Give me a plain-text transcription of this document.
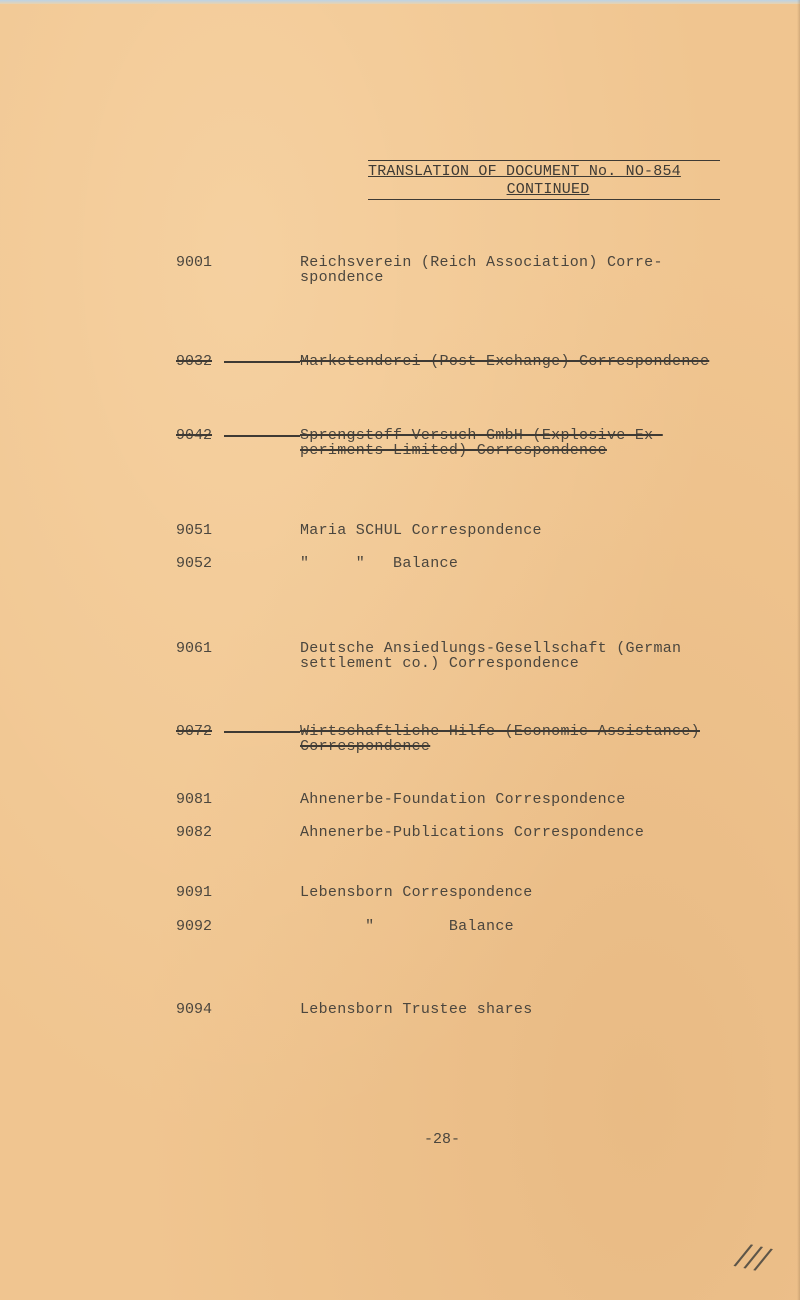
TRANSLATION OF DOCUMENT No. NO-854
CONTINUED
9001	Reichsverein (Reich Association) Corre-
spondence
9032	Marketenderei (Post Exchange) Correspondence
9042	Sprengstoff-Versuch GmbH (Explosive Ex-
periments Limited) Correspondence
9051	Maria SCHUL Correspondence
9052	"     "   Balance
9061	Deutsche Ansiedlungs-Gesellschaft (German
settlement co.) Correspondence
9072	Wirtschaftliche Hilfe (Economic Assistance)
Correspondence
9081	Ahnenerbe-Foundation Correspondence
9082	Ahnenerbe-Publications Correspondence
9091	Lebensborn Correspondence
9092	"        Balance
9094	Lebensborn Trustee shares
-28-
///
